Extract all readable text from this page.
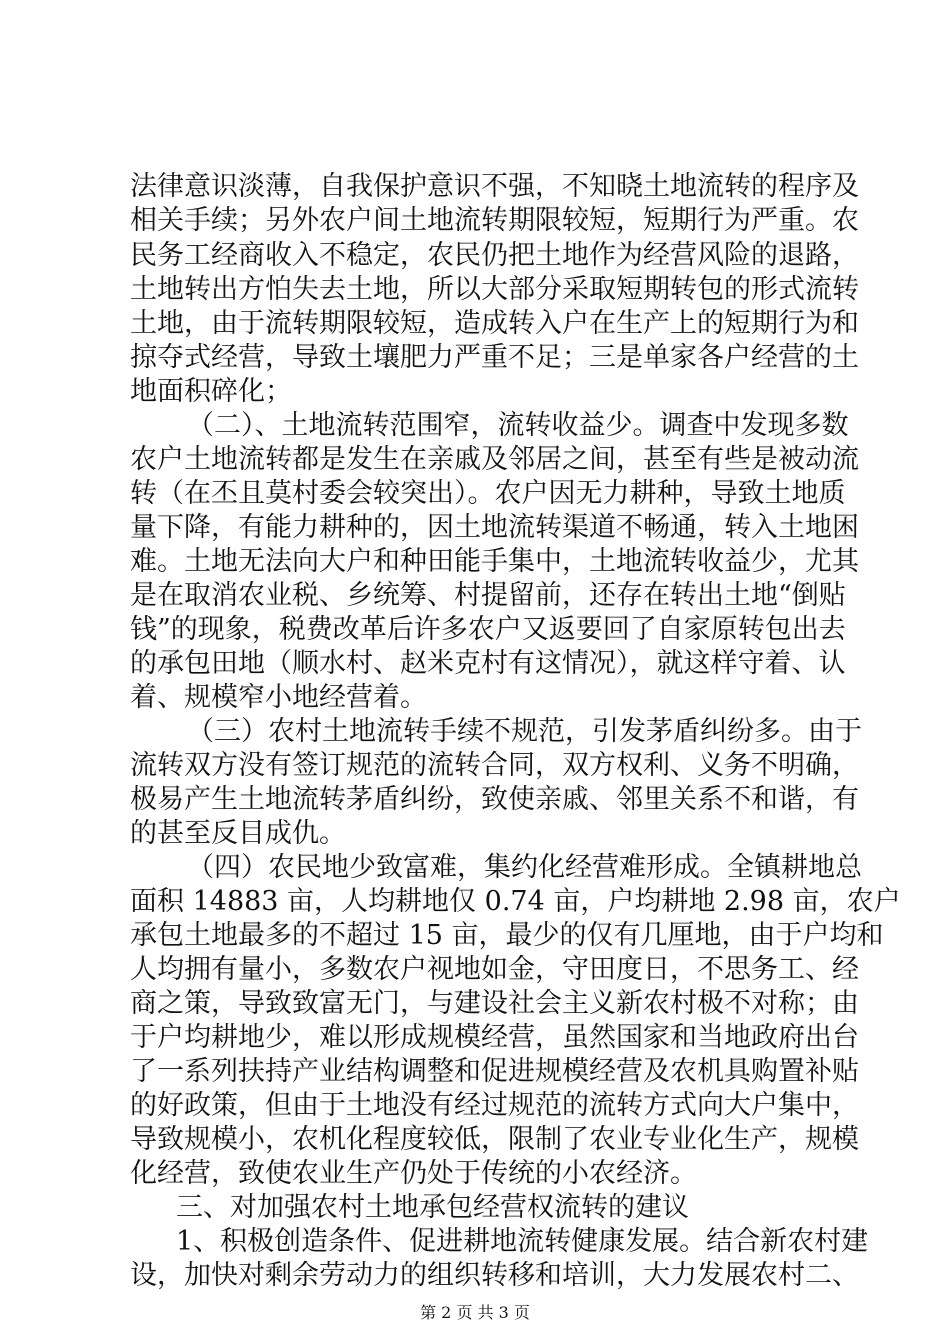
法律意识淡薄，自我保护意识不强，不知晓土地流转的程序及
相关手续；另外农户间土地流转期限较短，短期行为严重。农
民务工经商收入不稳定，农民仍把土地作为经营风险的退路，
土地转出方怕失去土地，所以大部分采取短期转包的形式流转
土地，由于流转期限较短，造成转入户在生产上的短期行为和
掠夺式经营，导致土壤肥力严重不足；三是单家各户经营的土
地面积碎化；
（二）、土地流转范围窄，流转收益少。调查中发现多数
农户土地流转都是发生在亲戚及邻居之间，甚至有些是被动流
转（在丕且莫村委会较突出）。农户因无力耕种，导致土地质
量下降，有能力耕种的，因土地流转渠道不畅通，转入土地困
难。土地无法向大户和种田能手集中，土地流转收益少，尤其
是在取消农业税、乡统筹、村提留前，还存在转出土地“倒贴
钱”的现象，税费改革后许多农户又返要回了自家原转包出去
的承包田地（顺水村、赵米克村有这情况），就这样守着、认
着、规模窄小地经营着。
（三）农村土地流转手续不规范，引发茅盾纠纷多。由于
流转双方没有签订规范的流转合同，双方权利、义务不明确，
极易产生土地流转茅盾纠纷，致使亲戚、邻里关系不和谐，有
的甚至反目成仇。
（四）农民地少致富难，集约化经营难形成。全镇耕地总
面积 14883 亩，人均耕地仅 0.74 亩，户均耕地 2.98 亩，农户
承包土地最多的不超过 15 亩，最少的仅有几厘地，由于户均和
人均拥有量小，多数农户视地如金，守田度日，不思务工、经
商之策，导致致富无门，与建设社会主义新农村极不对称；由
于户均耕地少，难以形成规模经营，虽然国家和当地政府出台
了一系列扶持产业结构调整和促进规模经营及农机具购置补贴
的好政策，但由于土地没有经过规范的流转方式向大户集中，
导致规模小，农机化程度较低，限制了农业专业化生产，规模
化经营，致使农业生产仍处于传统的小农经济。
三、对加强农村土地承包经营权流转的建议
1、积极创造条件、促进耕地流转健康发展。结合新农村建
设，加快对剩余劳动力的组织转移和培训，大力发展农村二、
第 2 页 共 3 页
